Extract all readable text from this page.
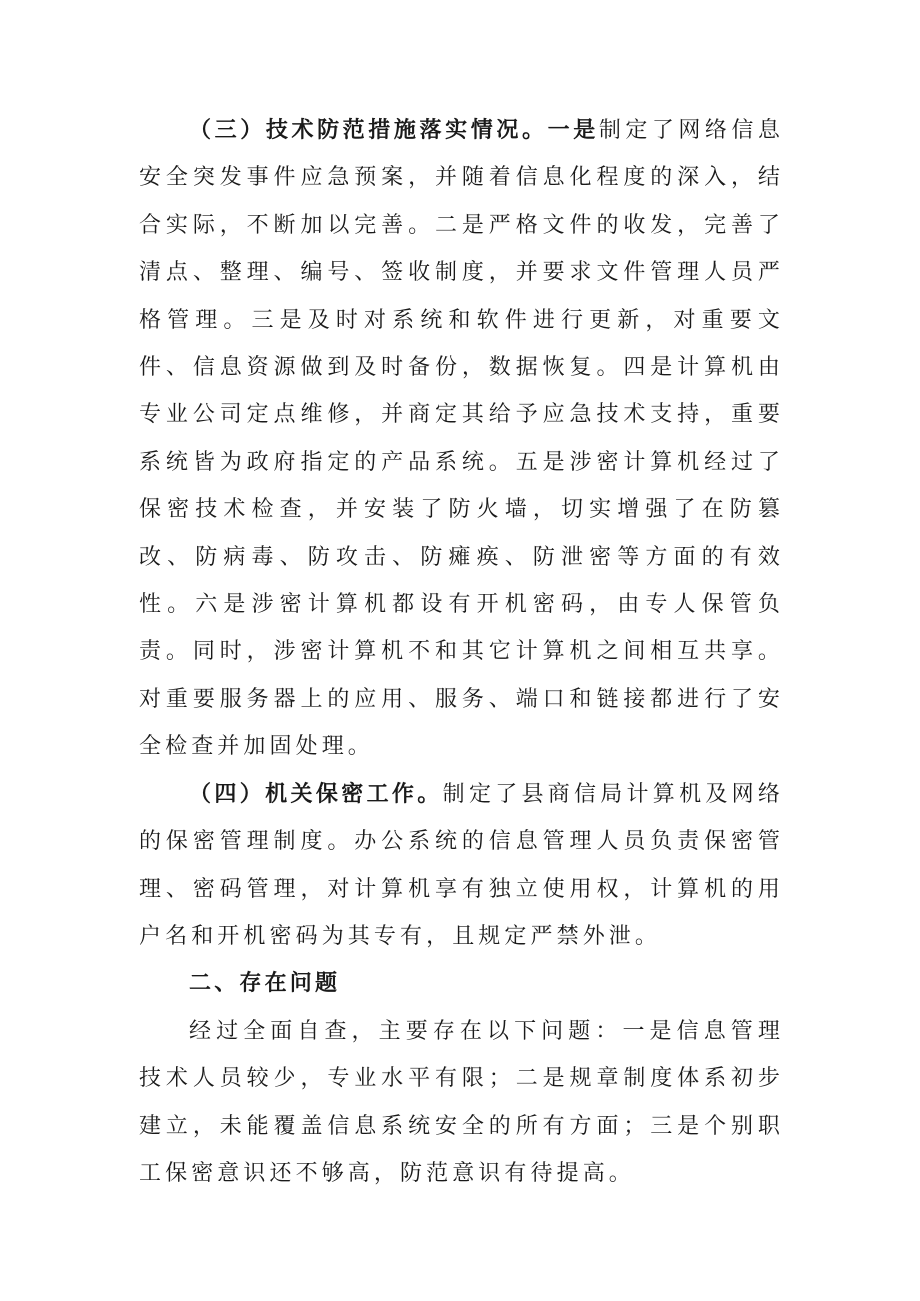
（三）技术防范措施落实情况。一是制定了网络信息安全突发事件应急预案，并随着信息化程度的深入，结合实际，不断加以完善。二是严格文件的收发，完善了清点、整理、编号、签收制度，并要求文件管理人员严格管理。三是及时对系统和软件进行更新，对重要文件、信息资源做到及时备份，数据恢复。四是计算机由专业公司定点维修，并商定其给予应急技术支持，重要系统皆为政府指定的产品系统。五是涉密计算机经过了保密技术检查，并安装了防火墙，切实增强了在防篡改、防病毒、防攻击、防瘫痪、防泄密等方面的有效性。六是涉密计算机都设有开机密码，由专人保管负责。同时，涉密计算机不和其它计算机之间相互共享。对重要服务器上的应用、服务、端口和链接都进行了安全检查并加固处理。

（四）机关保密工作。制定了县商信局计算机及网络的保密管理制度。办公系统的信息管理人员负责保密管理、密码管理，对计算机享有独立使用权，计算机的用户名和开机密码为其专有，且规定严禁外泄。

二、存在问题

经过全面自查，主要存在以下问题：一是信息管理技术人员较少，专业水平有限；二是规章制度体系初步建立，未能覆盖信息系统安全的所有方面；三是个别职工保密意识还不够高，防范意识有待提高。
